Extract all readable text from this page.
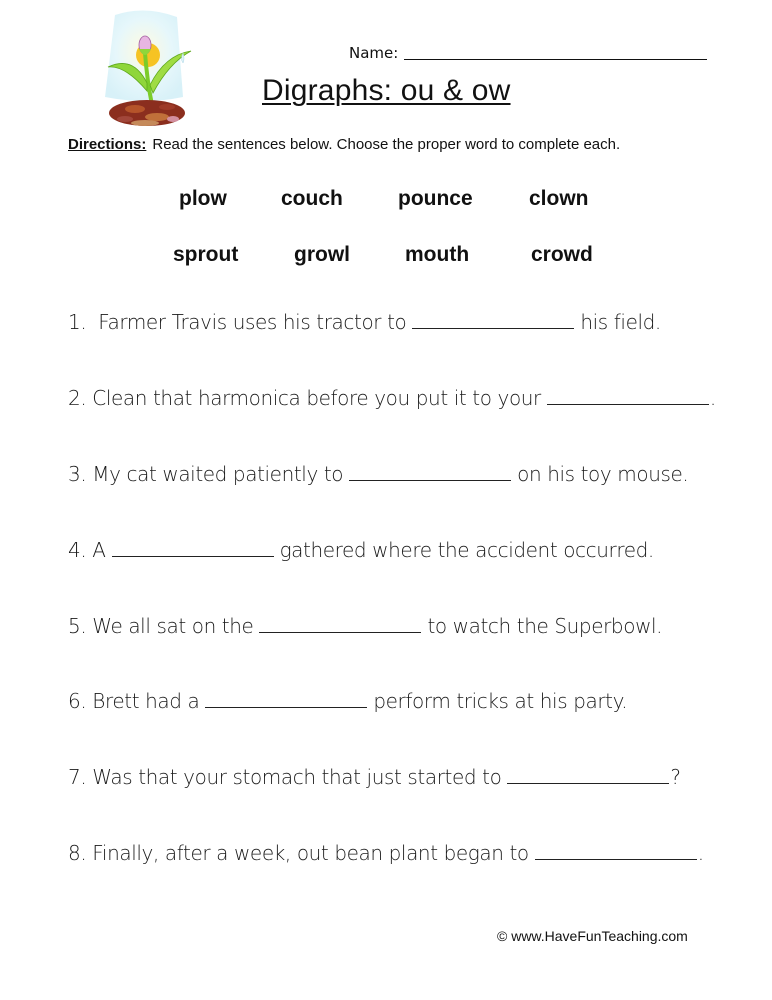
Name:
Digraphs: ou & ow
Directions: Read the sentences below. Choose the proper word to complete each.
plow	couch	pounce	clown
sprout	growl	mouth	crowd
1. Farmer Travis uses his tractor to	his field.
2. Clean that harmonica before you put it to your	.
3. My cat waited patiently to	on his toy mouse.
4. A	gathered where the accident occurred.
5. We all sat on the	to watch the Superbowl.
6. Brett had a	perform tricks at his party.
7. Was that your stomach that just started to	?
8. Finally, after a week, out bean plant began to	.
© www.HaveFunTeaching.com
